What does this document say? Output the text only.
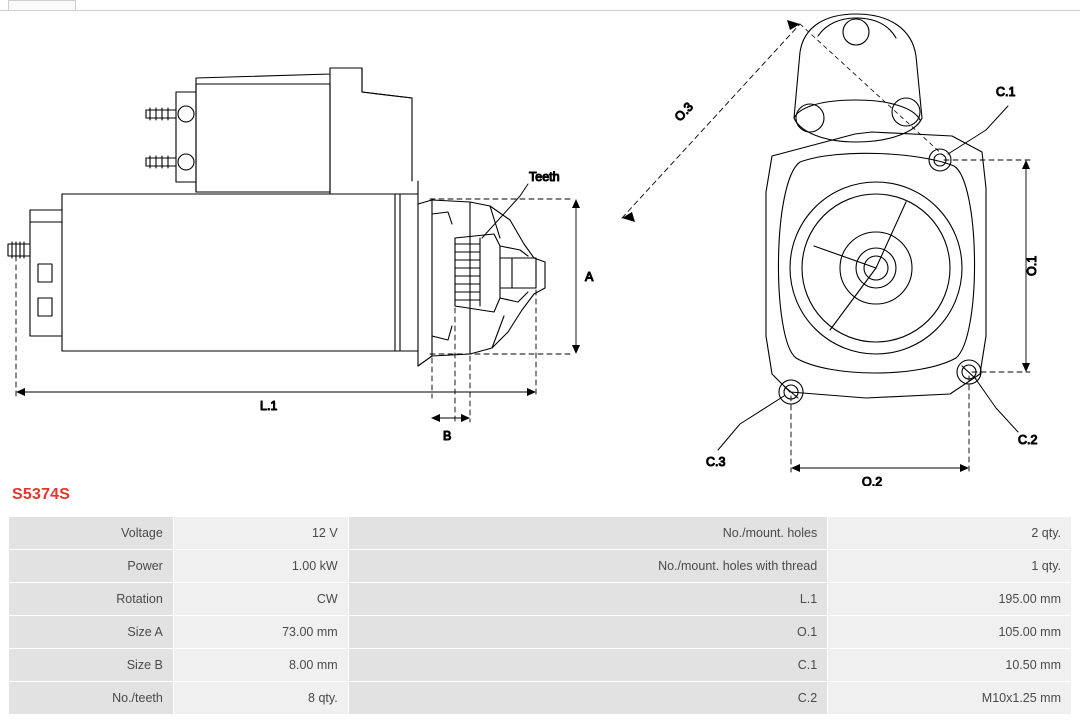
Teeth
A
L.1
B
O.3
O.1
O.2
C.1
C.2
C.3
S5374S
Voltage	12 V	No./mount. holes	2 qty.
Power	1.00 kW	No./mount. holes with thread	1 qty.
Rotation	CW	L.1	195.00 mm
Size A	73.00 mm	O.1	105.00 mm
Size B	8.00 mm	C.1	10.50 mm
No./teeth	8 qty.	C.2	M10x1.25 mm
